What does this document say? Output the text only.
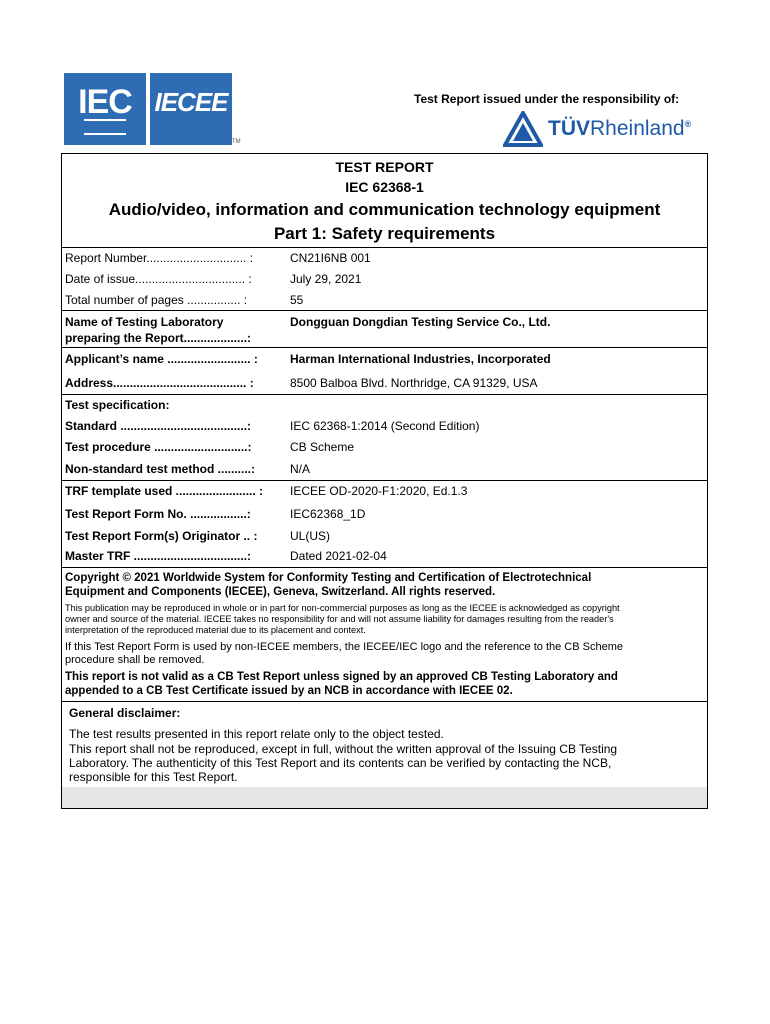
IEC IECEE
TM
Test Report issued under the responsibility of:
TÜVRheinland®
TEST REPORT
IEC 62368-1
Audio/video, information and communication technology equipment
Part 1: Safety requirements
Report Number.............................. :	CN21I6NB 001
Date of issue................................. :	July 29, 2021
Total number of pages ................ :	55
Name of Testing Laboratory
preparing the Report...................:
Dongguan Dongdian Testing Service Co., Ltd.
Applicant’s name ......................... :	Harman International Industries, Incorporated
Address........................................ :	8500 Balboa Blvd. Northridge, CA 91329, USA
Test specification:
Standard ......................................:	IEC 62368-1:2014 (Second Edition)
Test procedure ............................:	CB Scheme
Non-standard test method ..........:	N/A
TRF template used ........................ : IECEE OD-2020-F1:2020, Ed.1.3
Test Report Form No. .................:	IEC62368_1D
Test Report Form(s) Originator .. :	UL(US)
Master TRF ..................................:	Dated 2021-02-04
Copyright © 2021 Worldwide System for Conformity Testing and Certification of Electrotechnical
Equipment and Components (IECEE), Geneva, Switzerland. All rights reserved.
This publication may be reproduced in whole or in part for non-commercial purposes as long as the IECEE is acknowledged as copyright
owner and source of the material. IECEE takes no responsibility for and will not assume liability for damages resulting from the reader's
interpretation of the reproduced material due to its placement and context.
If this Test Report Form is used by non-IECEE members, the IECEE/IEC logo and the reference to the CB Scheme
procedure shall be removed.
This report is not valid as a CB Test Report unless signed by an approved CB Testing Laboratory and
appended to a CB Test Certificate issued by an NCB in accordance with IECEE 02.
General disclaimer:
The test results presented in this report relate only to the object tested.
This report shall not be reproduced, except in full, without the written approval of the Issuing CB Testing
Laboratory. The authenticity of this Test Report and its contents can be verified by contacting the NCB,
responsible for this Test Report.
